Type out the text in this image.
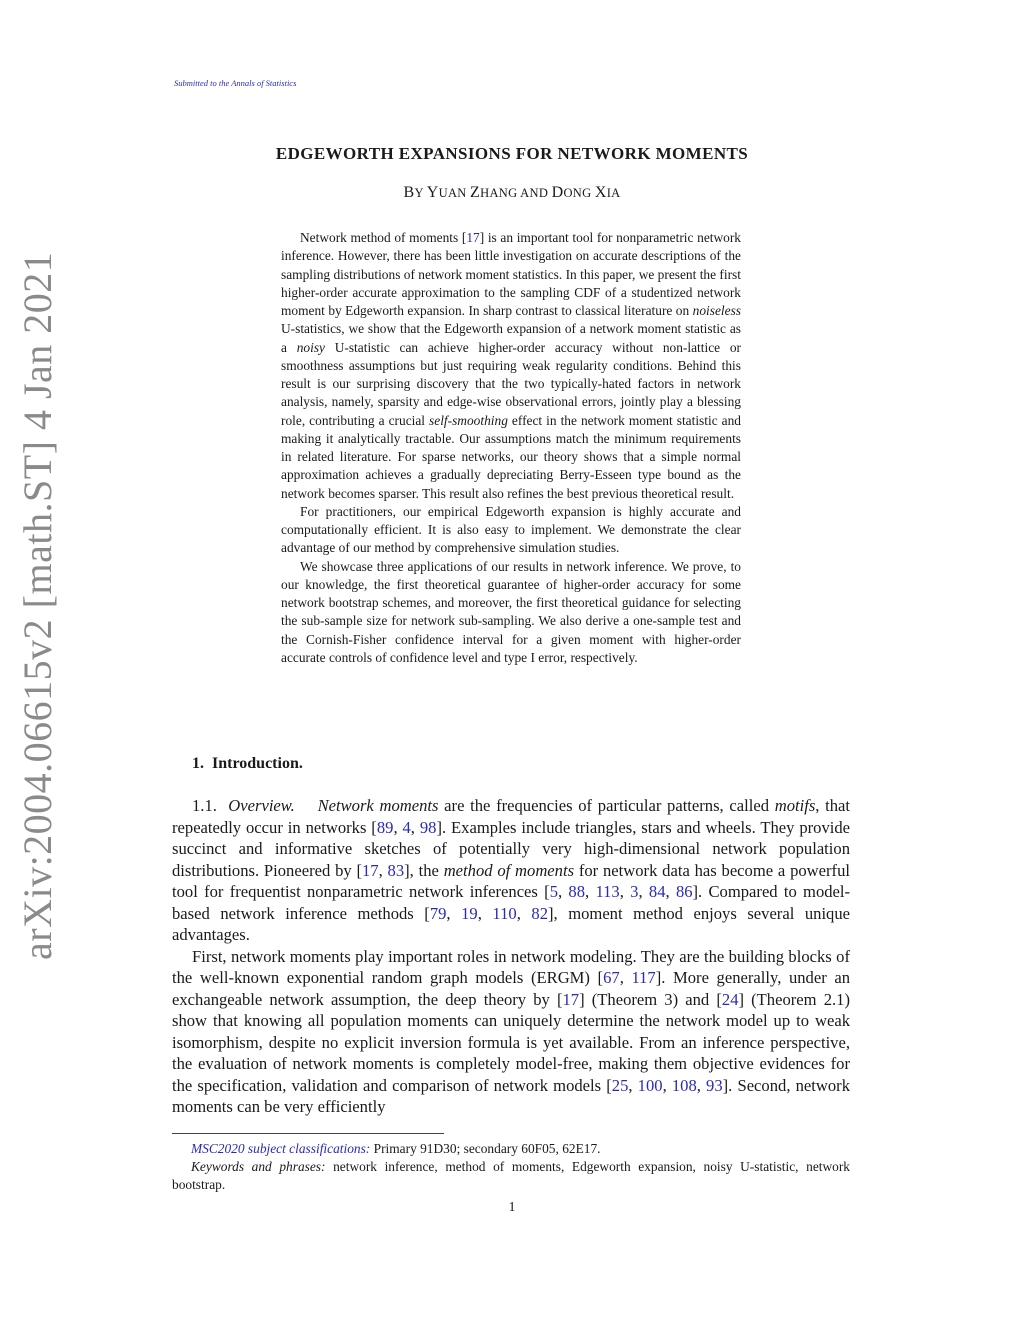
Submitted to the Annals of Statistics
arXiv:2004.06615v2 [math.ST] 4 Jan 2021
EDGEWORTH EXPANSIONS FOR NETWORK MOMENTS
BY YUAN ZHANG AND DONG XIA

Network method of moments [17] is an important tool for nonparametric network inference. However, there has been little investigation on accurate descriptions of the sampling distributions of network moment statistics. In this paper, we present the first higher-order accurate approximation to the sampling CDF of a studentized network moment by Edgeworth expansion. In sharp contrast to classical literature on noiseless U-statistics, we show that the Edgeworth expansion of a network moment statistic as a noisy U-statistic can achieve higher-order accuracy without non-lattice or smoothness assumptions but just requiring weak regularity conditions. Behind this result is our surprising discovery that the two typically-hated factors in network analysis, namely, sparsity and edge-wise observational errors, jointly play a blessing role, contributing a crucial self-smoothing effect in the network moment statistic and making it analytically tractable. Our assumptions match the minimum requirements in related literature. For sparse networks, our theory shows that a simple normal approximation achieves a gradually depreciating Berry-Esseen type bound as the network becomes sparser. This result also refines the best previous theoretical result.

For practitioners, our empirical Edgeworth expansion is highly accurate and computationally efficient. It is also easy to implement. We demonstrate the clear advantage of our method by comprehensive simulation studies.

We showcase three applications of our results in network inference. We prove, to our knowledge, the first theoretical guarantee of higher-order accuracy for some network bootstrap schemes, and moreover, the first theoretical guidance for selecting the sub-sample size for network sub-sampling. We also derive a one-sample test and the Cornish-Fisher confidence interval for a given moment with higher-order accurate controls of confidence level and type I error, respectively.

1. Introduction.

1.1. Overview. Network moments are the frequencies of particular patterns, called motifs, that repeatedly occur in networks [89, 4, 98]. Examples include triangles, stars and wheels. They provide succinct and informative sketches of potentially very high-dimensional network population distributions. Pioneered by [17, 83], the method of moments for network data has become a powerful tool for frequentist nonparametric network inferences [5, 88, 113, 3, 84, 86]. Compared to model-based network inference methods [79, 19, 110, 82], moment method enjoys several unique advantages.

First, network moments play important roles in network modeling. They are the building blocks of the well-known exponential random graph models (ERGM) [67, 117]. More generally, under an exchangeable network assumption, the deep theory by [17] (Theorem 3) and [24] (Theorem 2.1) show that knowing all population moments can uniquely determine the network model up to weak isomorphism, despite no explicit inversion formula is yet available. From an inference perspective, the evaluation of network moments is completely model-free, making them objective evidences for the specification, validation and comparison of network models [25, 100, 108, 93]. Second, network moments can be very efficiently

MSC2020 subject classifications: Primary 91D30; secondary 60F05, 62E17.

Keywords and phrases: network inference, method of moments, Edgeworth expansion, noisy U-statistic, network bootstrap.

1
